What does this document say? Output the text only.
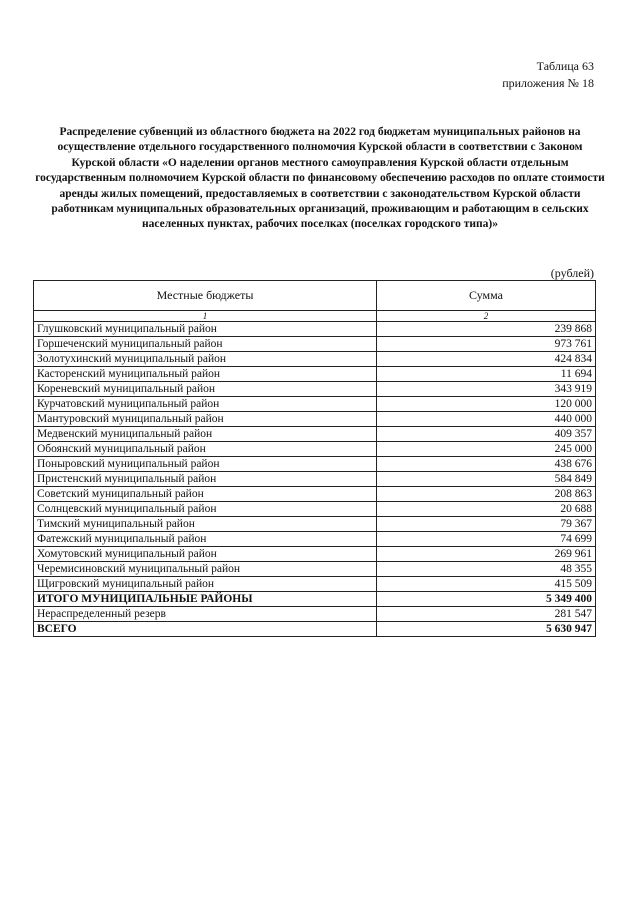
Таблица 63
приложения № 18
Распределение субвенций из областного бюджета на 2022 год бюджетам муниципальных районов на осуществление отдельного государственного полномочия Курской области в соответствии с Законом Курской области «О наделении органов местного самоуправления Курской области отдельным государственным полномочием Курской области по финансовому обеспечению расходов по оплате стоимости аренды жилых помещений, предоставляемых в соответствии с законодательством Курской области работникам муниципальных образовательных организаций, проживающим и работающим в сельских населенных пунктах, рабочих поселках (поселках городского типа)»
(рублей)
Местные бюджеты	Сумма
1	2
Глушковский муниципальный район	239 868
Горшеченский муниципальный район	973 761
Золотухинский муниципальный район	424 834
Касторенский муниципальный район	11 694
Кореневский муниципальный район	343 919
Курчатовский муниципальный район	120 000
Мантуровский муниципальный район	440 000
Медвенский муниципальный район	409 357
Обоянский муниципальный район	245 000
Поныровский муниципальный район	438 676
Пристенский муниципальный район	584 849
Советский муниципальный район	208 863
Солнцевский муниципальный район	20 688
Тимский муниципальный район	79 367
Фатежский муниципальный район	74 699
Хомутовский муниципальный район	269 961
Черемисиновский муниципальный район	48 355
Щигровский муниципальный район	415 509
ИТОГО МУНИЦИПАЛЬНЫЕ РАЙОНЫ	5 349 400
Нераспределенный резерв	281 547
ВСЕГО	5 630 947
